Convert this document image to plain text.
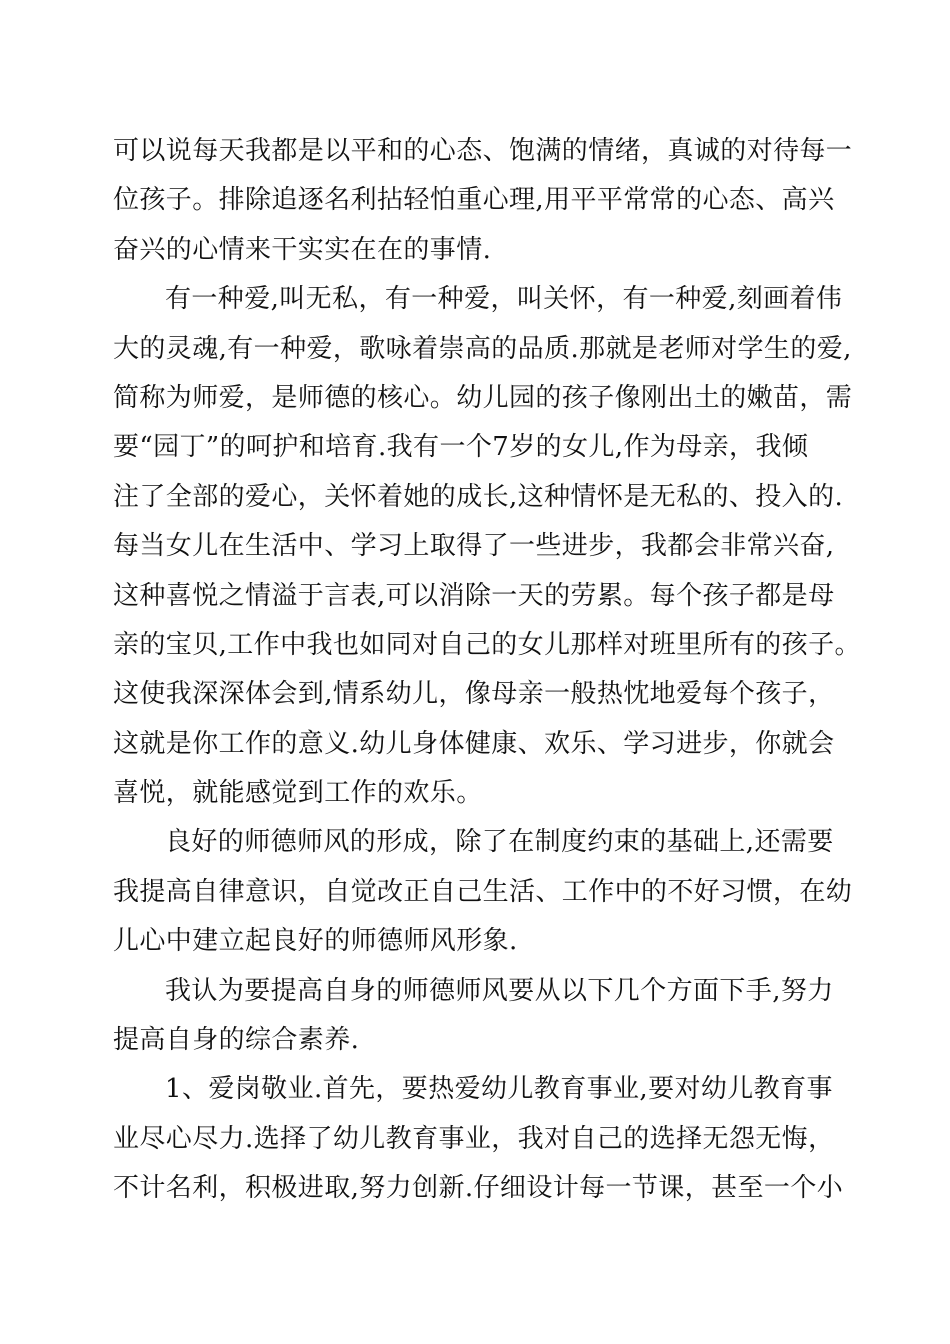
可以说每天我都是以平和的心态、饱满的情绪，真诚的对待每一
位孩子。排除追逐名利拈轻怕重心理,用平平常常的心态、高兴
奋兴的心情来干实实在在的事情.
有一种爱,叫无私，有一种爱，叫关怀，有一种爱,刻画着伟
大的灵魂,有一种爱，歌咏着崇高的品质.那就是老师对学生的爱,
简称为师爱，是师德的核心。幼儿园的孩子像刚出土的嫩苗，需
要“园丁”的呵护和培育.我有一个7岁的女儿,作为母亲，我倾
注了全部的爱心，关怀着她的成长,这种情怀是无私的、投入的.
每当女儿在生活中、学习上取得了一些进步，我都会非常兴奋,
这种喜悦之情溢于言表,可以消除一天的劳累。每个孩子都是母
亲的宝贝,工作中我也如同对自己的女儿那样对班里所有的孩子。
这使我深深体会到,情系幼儿，像母亲一般热忱地爱每个孩子，
这就是你工作的意义.幼儿身体健康、欢乐、学习进步，你就会
喜悦，就能感觉到工作的欢乐。
良好的师德师风的形成，除了在制度约束的基础上,还需要
我提高自律意识，自觉改正自己生活、工作中的不好习惯，在幼
儿心中建立起良好的师德师风形象.
我认为要提高自身的师德师风要从以下几个方面下手,努力
提高自身的综合素养.
1、爱岗敬业.首先，要热爱幼儿教育事业,要对幼儿教育事
业尽心尽力.选择了幼儿教育事业，我对自己的选择无怨无悔，
不计名利，积极进取,努力创新.仔细设计每一节课，甚至一个小
